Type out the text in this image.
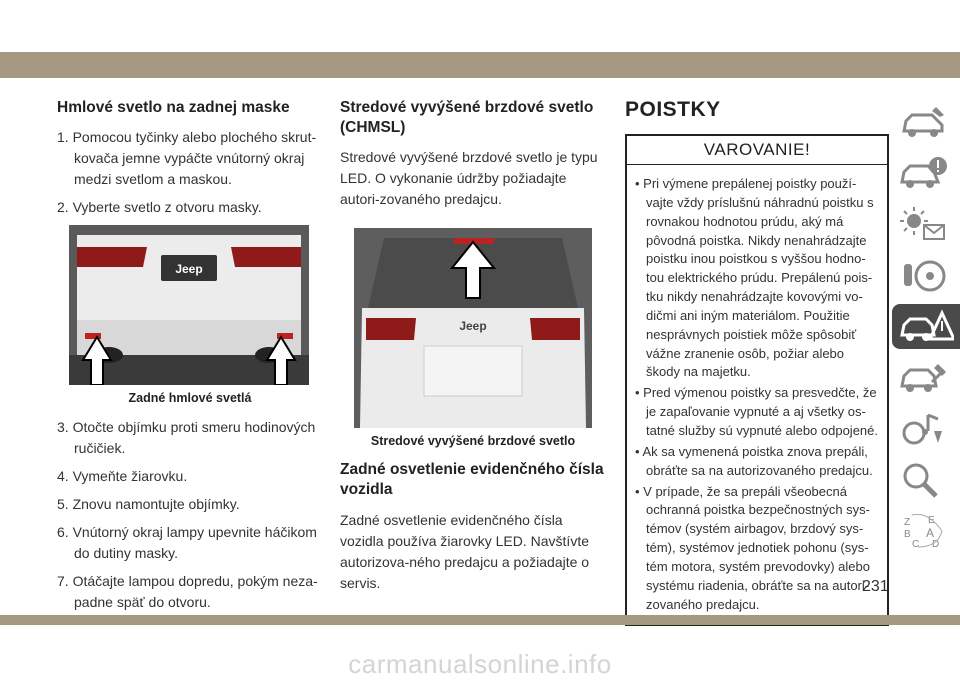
Hmlové svetlo na zadnej maske
1. Pomocou tyčinky alebo plochého skrut-kovača jemne vypáčte vnútorný okraj medzi svetlom a maskou.
2. Vyberte svetlo z otvoru masky.
Jeep
Zadné hmlové svetlá
3. Otočte objímku proti smeru hodinových ručičiek.
4. Vymeňte žiarovku.
5. Znovu namontujte objímky.
6. Vnútorný okraj lampy upevnite háčikom do dutiny masky.
7. Otáčajte lampou dopredu, pokým neza-padne späť do otvoru.
Stredové vyvýšené brzdové svetlo (CHMSL)

Stredové vyvýšené brzdové svetlo je typu LED. O vykonanie údržby požiadajte autori-zovaného predajcu.

Jeep
Stredové vyvýšené brzdové svetlo
Zadné osvetlenie evidenčného čísla vozidla

Zadné osvetlenie evidenčného čísla vozidla používa žiarovky LED. Navštívte autorizova-ného predajcu a požiadajte o servis.

POISTKY
VAROVANIE!
• Pri výmene prepálenej poistky použí-vajte vždy príslušnú náhradnú poistku s rovnakou hodnotou prúdu, aký má pôvodná poistka. Nikdy nenahrádzajte poistku inou poistkou s vyššou hodno-tou elektrického prúdu. Prepálenú pois-tku nikdy nenahrádzajte kovovými vo-dičmi ani iným materiálom. Použitie nesprávnych poistiek môže spôsobiť vážne zranenie osôb, požiar alebo škody na majetku.
• Pred výmenou poistky sa presvedčte, že je zapaľovanie vypnuté a aj všetky os-tatné služby sú vypnuté alebo odpojené.
• Ak sa vymenená poistka znova prepáli, obráťte sa na autorizovaného predajcu.
• V prípade, že sa prepáli všeobecná ochranná poistka bezpečnostných sys-témov (systém airbagov, brzdový sys-tém), systémov jednotiek pohonu (sys-tém motora, systém prevodovky) alebo systému riadenia, obráťte sa na autori-zovaného predajcu.
Z
B
C
E
A
D
231
carmanualsonline.info
